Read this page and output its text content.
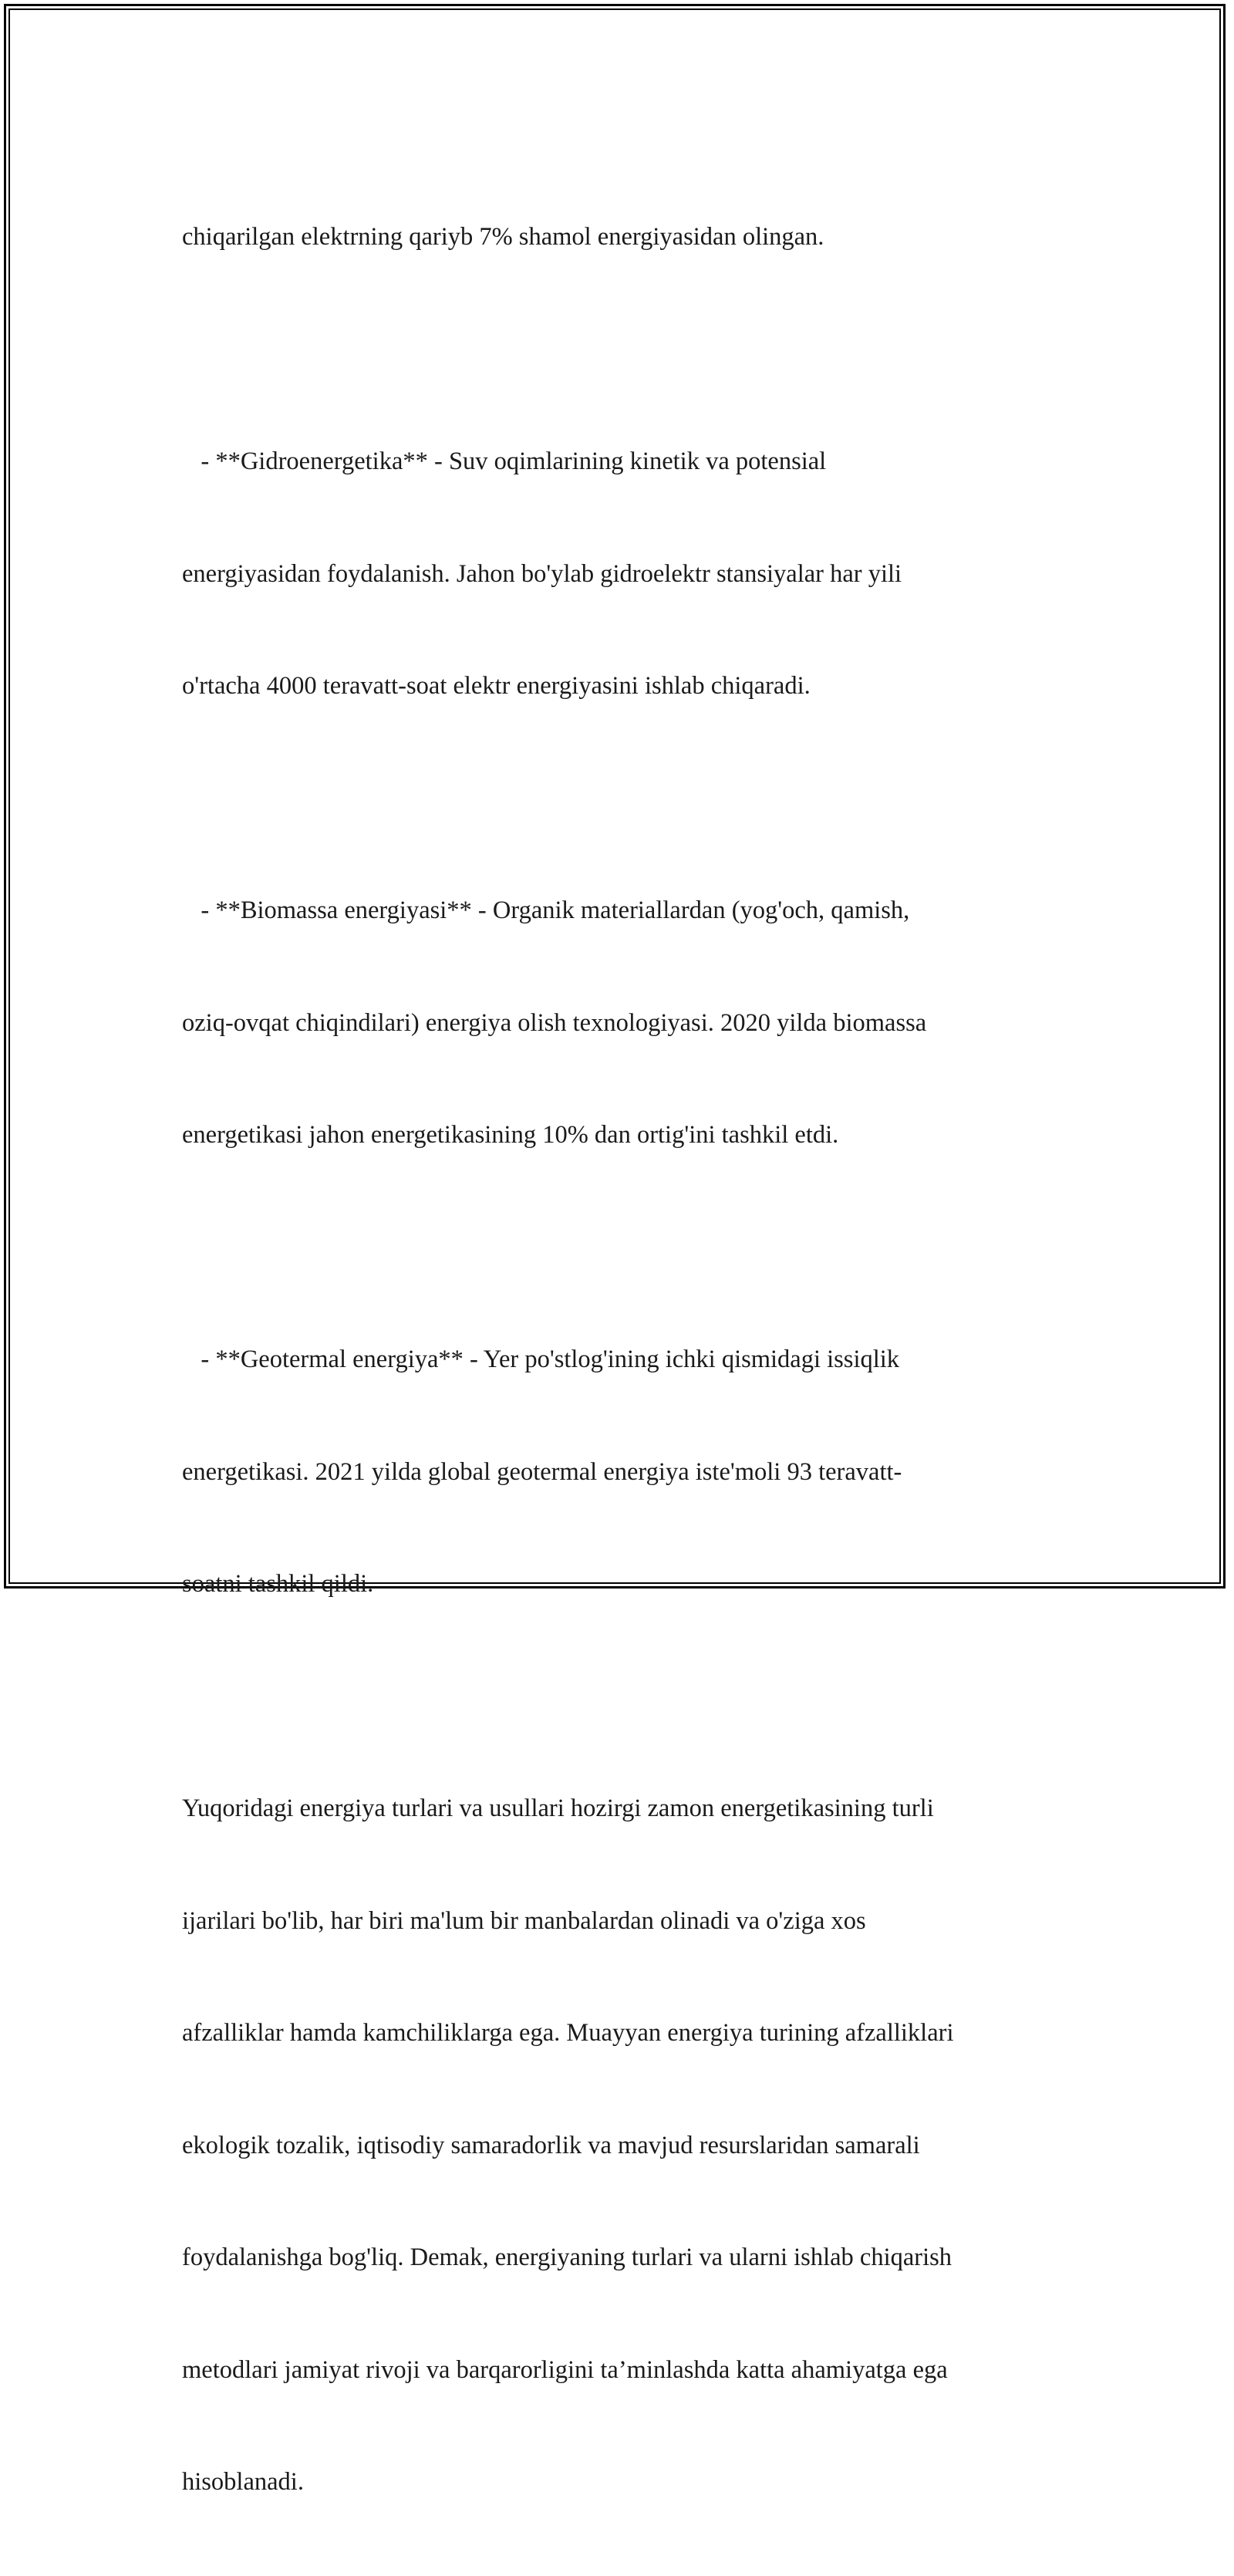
chiqarilgan elektrning qariyb 7% shamol energiyasidan olingan.

- **Gidroenergetika** - Suv oqimlarining kinetik va potensial

energiyasidan foydalanish. Jahon bo'ylab gidroelektr stansiyalar har yili

o'rtacha 4000 teravatt-soat elektr energiyasini ishlab chiqaradi.

- **Biomassa energiyasi** - Organik materiallardan (yog'och, qamish,

oziq-ovqat chiqindilari) energiya olish texnologiyasi. 2020 yilda biomassa

energetikasi jahon energetikasining 10% dan ortig'ini tashkil etdi.

- **Geotermal energiya** - Yer po'stlog'ining ichki qismidagi issiqlik

energetikasi. 2021 yilda global geotermal energiya iste'moli 93 teravatt-

soatni tashkil qildi.

Yuqoridagi energiya turlari va usullari hozirgi zamon energetikasining turli

ijarilari bo'lib, har biri ma'lum bir manbalardan olinadi va o'ziga xos

afzalliklar hamda kamchiliklarga ega. Muayyan energiya turining afzalliklari

ekologik tozalik, iqtisodiy samaradorlik va mavjud resurslaridan samarali

foydalanishga bog'liq. Demak, energiyaning turlari va ularni ishlab chiqarish

metodlari jamiyat rivoji va barqarorligini ta’minlashda katta ahamiyatga ega

hisoblanadi.
